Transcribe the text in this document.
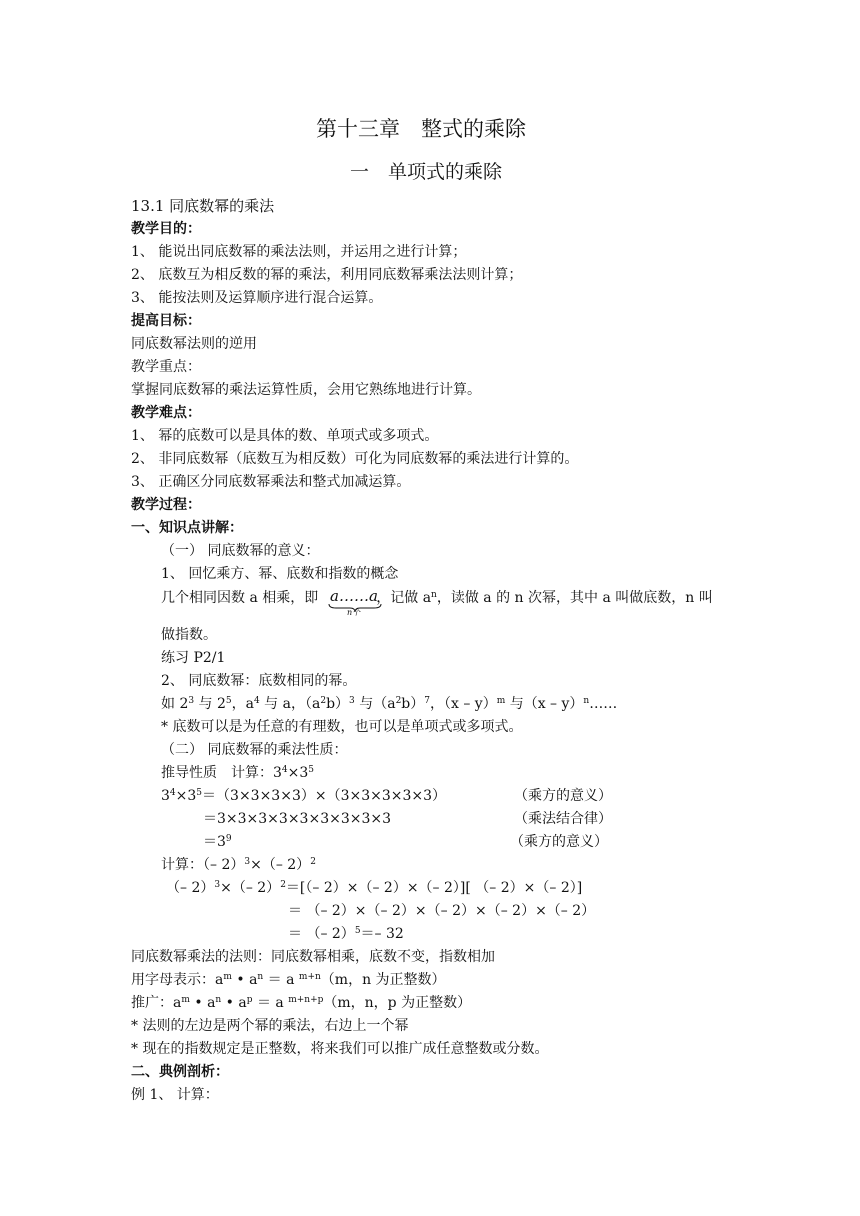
第十三章　整式的乘除
一　单项式的乘除
13.1 同底数幂的乘法
教学目的：
1、 能说出同底数幂的乘法法则，并运用之进行计算；
2、 底数互为相反数的幂的乘法，利用同底数幂乘法法则计算；
3、 能按法则及运算顺序进行混合运算。
提高目标：
同底数幂法则的逆用
教学重点：
掌握同底数幂的乘法运算性质，会用它熟练地进行计算。
教学难点：
1、 幂的底数可以是具体的数、单项式或多项式。
2、 非同底数幂（底数互为相反数）可化为同底数幂的乘法进行计算的。
3、 正确区分同底数幂乘法和整式加减运算。
教学过程：
一、知识点讲解：
（一） 同底数幂的意义：
1、 回忆乘方、幂、底数和指数的概念
几个相同因数 a 相乘，即	，记做 $a^n$，读做 a 的 n 次幂，其中 a 叫做底数，n 叫
a……a
n个
做指数。
练习 P2/1
2、 同底数幂：底数相同的幂。
如 $2^3$ 与 $2^5$，$a^4$ 与 a，$(a^2b)^3$ 与$(a^2b)^7$，（x – y）$^m$ 与（x – y）$^n$……
* 底数可以是为任意的有理数，也可以是单项式或多项式。
（二） 同底数幂的乘法性质：
推导性质　计算：$3^4\times 3^5$
$3^4\times 3^5=(3\times 3\times 3\times 3)\times(3\times 3\times 3\times 3\times 3)$	（乘方的意义）
＝3×3×3×3×3×3×3×3×3	（乘法结合律）
$=3^9$	（乘方的意义）
计算：（– 2）$^3$×（– 2）$^2$
（– 2）$^3$×（– 2）$^2$＝[（– 2）×（– 2）×（– 2）][ （– 2）×（– 2）]
＝ （– 2）×（– 2）×（– 2）×（– 2）×（– 2）
＝ （– 2）$^5$＝– 32
同底数幂乘法的法则：同底数幂相乘，底数不变，指数相加
用字母表示：$a^m$ • $a^n = a$ $^{m+n}$（m，n 为正整数）
推广：$a^m$ • $a^n$ • $a^p = a$ $^{m+n+p}$（m，n，p 为正整数）
* 法则的左边是两个幂的乘法，右边上一个幂
* 现在的指数规定是正整数，将来我们可以推广成任意整数或分数。
二、典例剖析：
例 1、 计算：
